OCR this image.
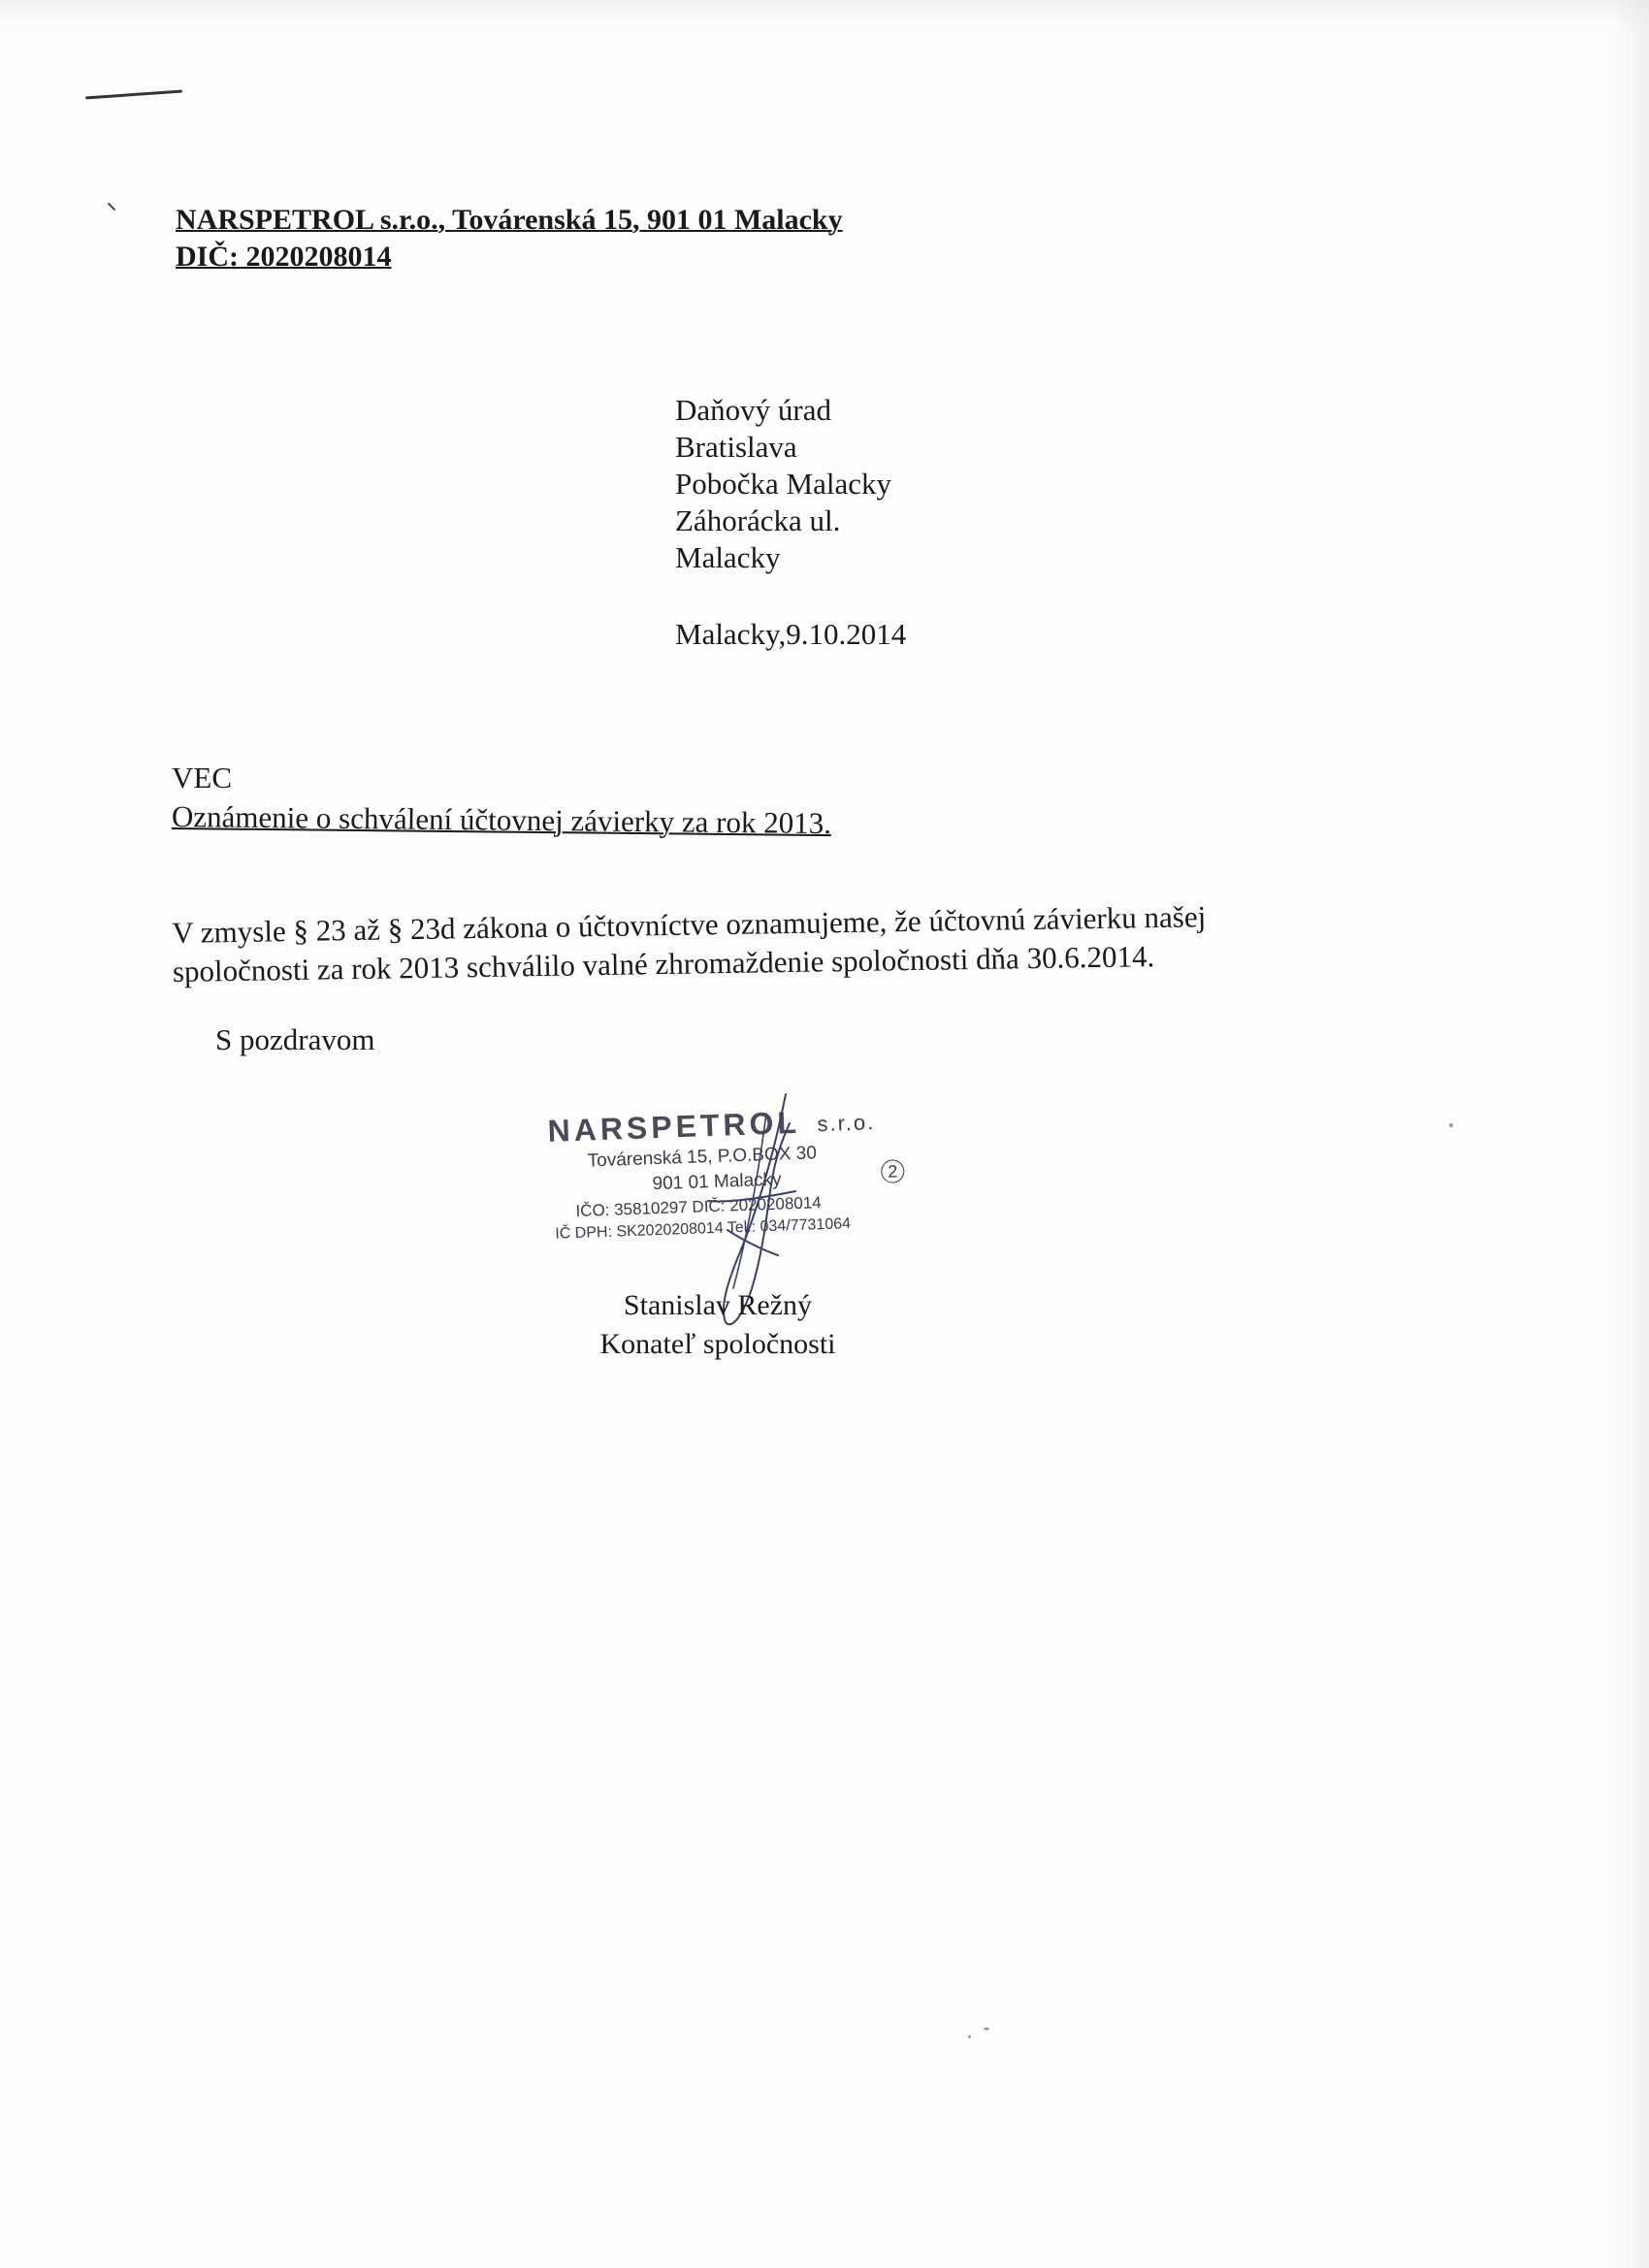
NARSPETROL s.r.o., Továrenská 15, 901 01 Malacky
DIČ: 2020208014
Daňový úrad
Bratislava
Pobočka Malacky
Záhorácka ul.
Malacky
Malacky,9.10.2014
VEC
Oznámenie o schválení účtovnej závierky za rok 2013.
V zmysle § 23 až § 23d zákona o účtovníctve oznamujeme, že účtovnú závierku našej
spoločnosti za rok 2013 schválilo valné zhromaždenie spoločnosti dňa 30.6.2014.
S pozdravom
NARSPETROL s.r.o.
Továrenská 15, P.O.BOX 30
901 01 Malacky	2
IČO: 35810297 DIČ: 2020208014
IČ DPH: SK2020208014 Tel.: 034/7731064
Stanislav Režný
Konateľ spoločnosti
